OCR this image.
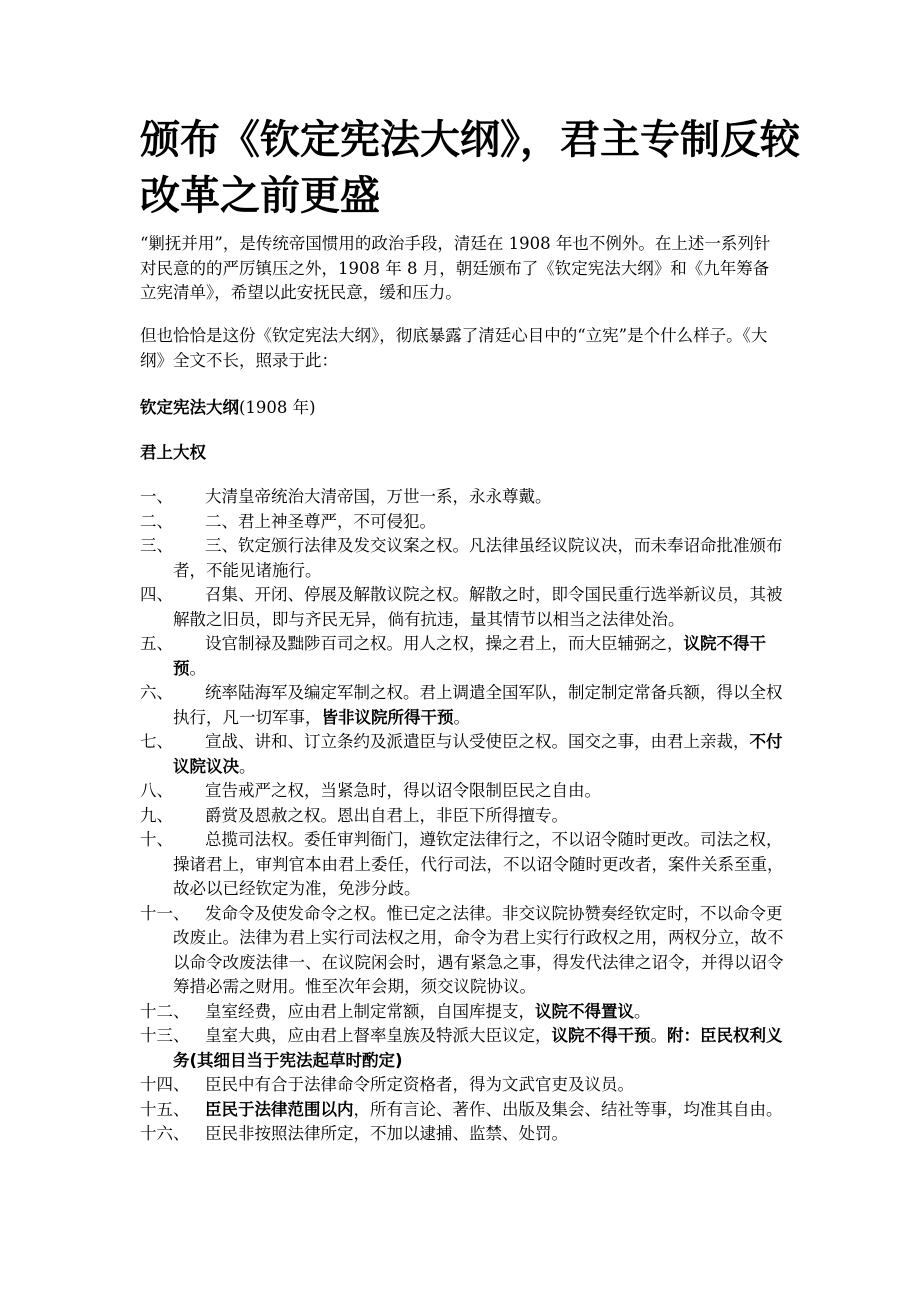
颁布《钦定宪法大纲》，君主专制反较改革之前更盛

“剿抚并用”，是传统帝国惯用的政治手段，清廷在 1908 年也不例外。在上述一系列针对民意的的严厉镇压之外，1908 年 8 月，朝廷颁布了《钦定宪法大纲》和《九年筹备立宪清单》，希望以此安抚民意，缓和压力。

但也恰恰是这份《钦定宪法大纲》，彻底暴露了清廷心目中的“立宪”是个什么样子。《大纲》全文不长，照录于此：

钦定宪法大纲(1908 年)
君上大权
一、	大清皇帝统治大清帝国，万世一系，永永尊戴。
二、	二、君上神圣尊严，不可侵犯。
三、	三、钦定颁行法律及发交议案之权。凡法律虽经议院议决，而未奉诏命批准颁布者，不能见诸施行。
四、	召集、开闭、停展及解散议院之权。解散之时，即令国民重行选举新议员，其被解散之旧员，即与齐民无异，倘有抗违，量其情节以相当之法律处治。
五、	设官制禄及黜陟百司之权。用人之权，操之君上，而大臣辅弼之，议院不得干预。
六、	统率陆海军及编定军制之权。君上调遣全国军队，制定制定常备兵额，得以全权执行，凡一切军事，皆非议院所得干预。
七、	宣战、讲和、订立条约及派遣臣与认受使臣之权。国交之事，由君上亲裁，不付议院议决。
八、	宣告戒严之权，当紧急时，得以诏令限制臣民之自由。
九、	爵赏及恩赦之权。恩出自君上，非臣下所得擅专。
十、	总揽司法权。委任审判衙门，遵钦定法律行之，不以诏令随时更改。司法之权，操诸君上，审判官本由君上委任，代行司法，不以诏令随时更改者，案件关系至重，故必以已经钦定为准，免涉分歧。
十一、 发命令及使发命令之权。惟已定之法律。非交议院协赞奏经钦定时，不以命令更改废止。法律为君上实行司法权之用，命令为君上实行行政权之用，两权分立，故不以命令改废法律一、在议院闲会时，遇有紧急之事，得发代法律之诏令，并得以诏令筹措必需之财用。惟至次年会期，须交议院协议。
十二、 皇室经费，应由君上制定常额，自国库提支，议院不得置议。
十三、 皇室大典，应由君上督率皇族及特派大臣议定，议院不得干预。附：臣民权利义务(其细目当于宪法起草时酌定)
十四、 臣民中有合于法律命令所定资格者，得为文武官吏及议员。
十五、 臣民于法律范围以内，所有言论、著作、出版及集会、结社等事，均准其自由。
十六、 臣民非按照法律所定，不加以逮捕、监禁、处罚。
